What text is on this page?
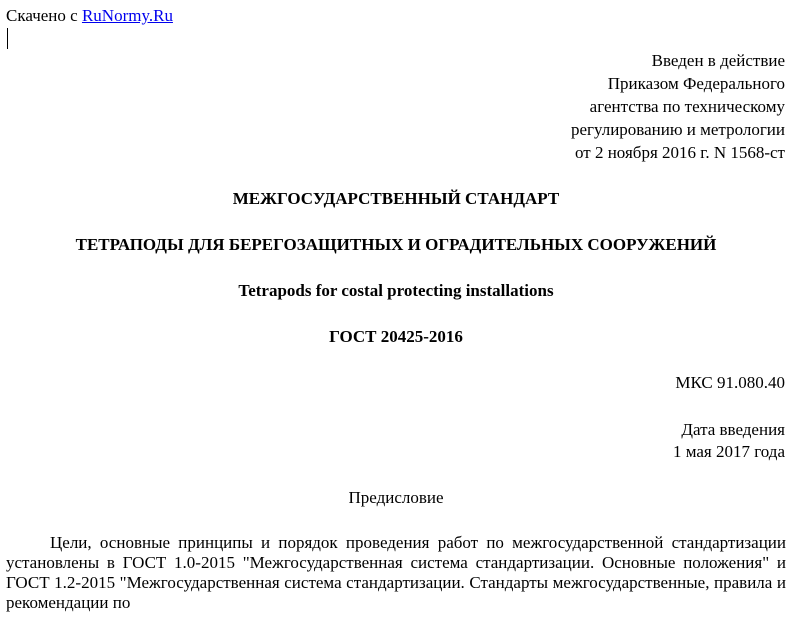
Скачено с RuNormy.Ru
Введен в действие
Приказом Федерального
агентства по техническому
регулированию и метрологии
от 2 ноября 2016 г. N 1568-ст
МЕЖГОСУДАРСТВЕННЫЙ СТАНДАРТ
ТЕТРАПОДЫ ДЛЯ БЕРЕГОЗАЩИТНЫХ И ОГРАДИТЕЛЬНЫХ СООРУЖЕНИЙ
Tetrapods for costal protecting installations
ГОСТ 20425-2016
МКС 91.080.40
Дата введения
1 мая 2017 года
Предисловие
Цели, основные принципы и порядок проведения работ по межгосударственной стандартизации установлены в ГОСТ 1.0-2015 "Межгосударственная система стандартизации. Основные положения" и ГОСТ 1.2-2015 "Межгосударственная система стандартизации. Стандарты межгосударственные, правила и рекомендации по
